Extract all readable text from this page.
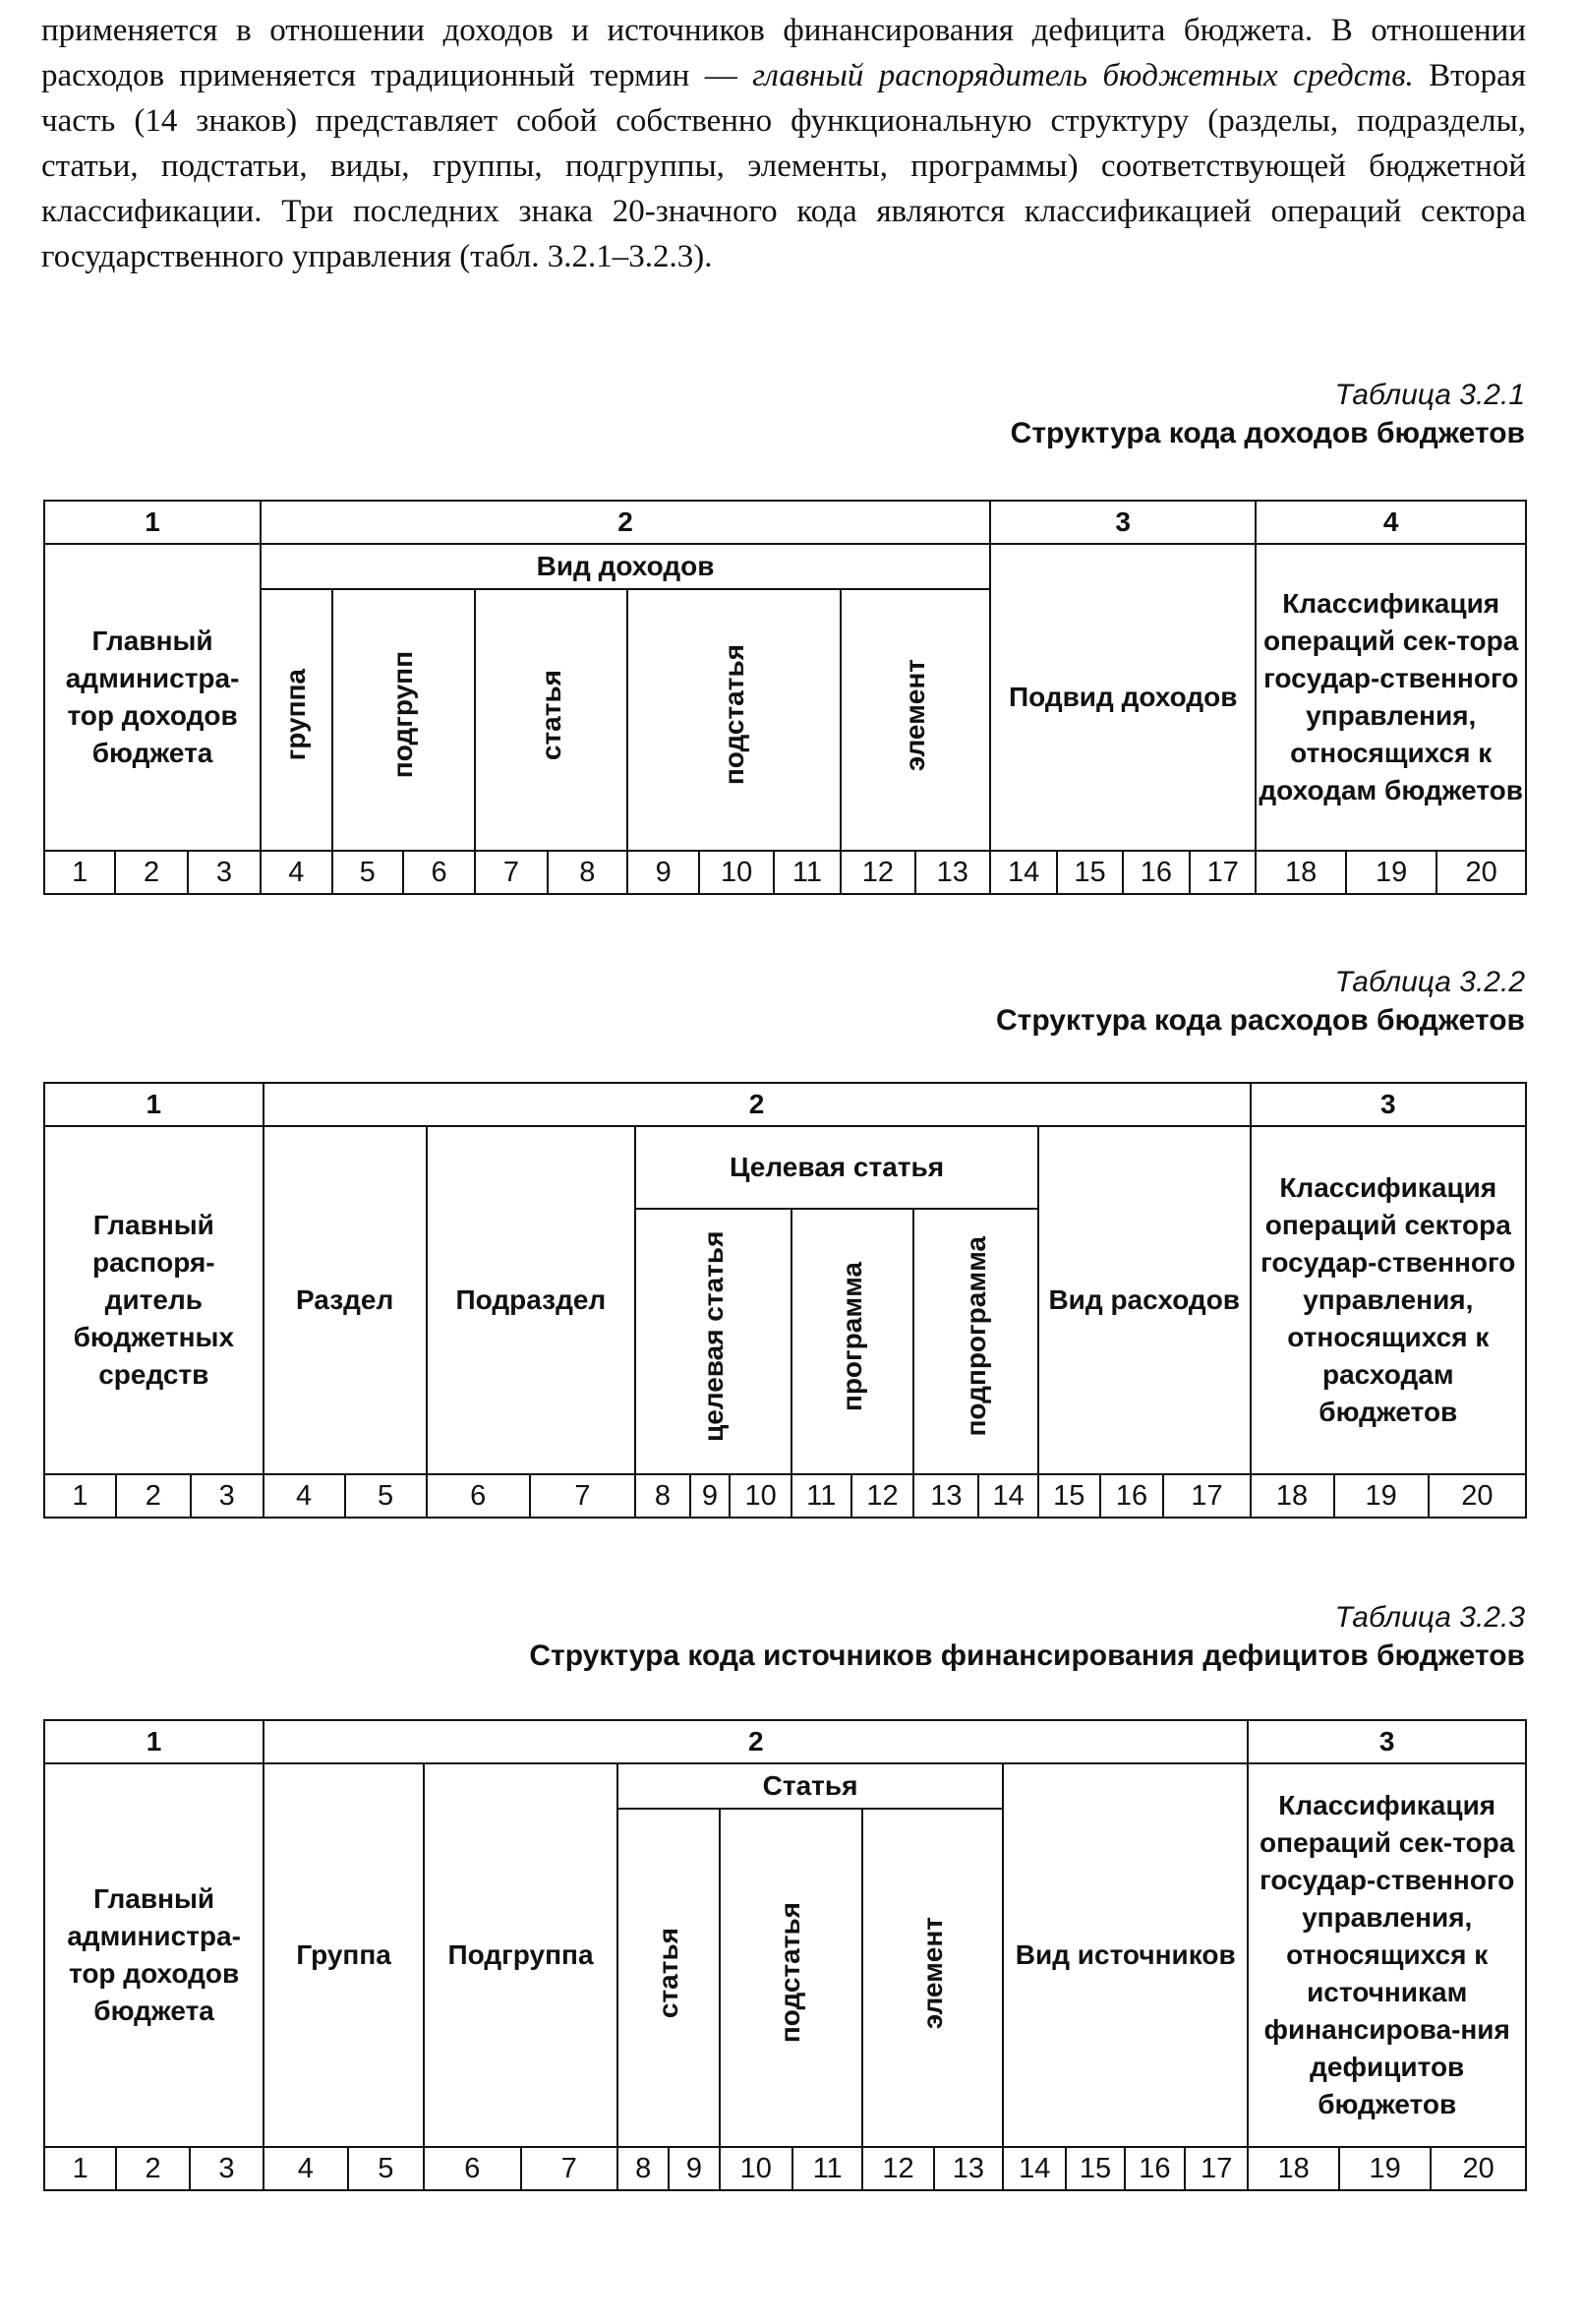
применяется в отношении доходов и источников финансирования дефицита бюджета. В отношении расходов применяется традиционный термин — главный распорядитель бюджетных средств. Вторая часть (14 знаков) представляет собой собственно функциональную структуру (разделы, подразделы, статьи, подстатьи, виды, группы, подгруппы, элементы, программы) соответствующей бюджетной классификации. Три последних знака 20-значного кода являются классификацией операций сектора государственного управления (табл. 3.2.1–3.2.3).

Таблица 3.2.1
Структура кода доходов бюджетов
1			2										3				4		

Главный администра-тор доходов бюджета			Вид доходов										Подвид доходов				Классификация операций сек-тора государ-ственного управления, относящихся к доходам бюджетов		

			группа	подгрупп		статья		подстатья			элемент								
1	2	3	4	5	6	7	8	9	10	11	12	13	14	15	16	17	18	19	20
Таблица 3.2.2
Структура кода расходов бюджетов
1			2														3		

Главный распоря-дитель бюджетных средств			Раздел		Подраздел		Целевая статья							Вид расходов			Классификация операций сектора государ-ственного управления, относящихся к расходам бюджетов		

							целевая статья			программа		подпрограмма							
1	2	3	4	5	6	7	8	9	10	11	12	13	14	15	16	17	18	19	20
Таблица 3.2.3
Структура кода источников финансирования дефицитов бюджетов
1			2														3		

Главный администра-тор доходов бюджета			Группа		Подгруппа		Статья						Вид источников				Классификация операций сек-тора государ-ственного управления, относящихся к источникам финансирова-ния дефицитов бюджетов		

							статья		подстатья		элемент								
1	2	3	4	5	6	7	8	9	10	11	12	13	14	15	16	17	18	19	20
